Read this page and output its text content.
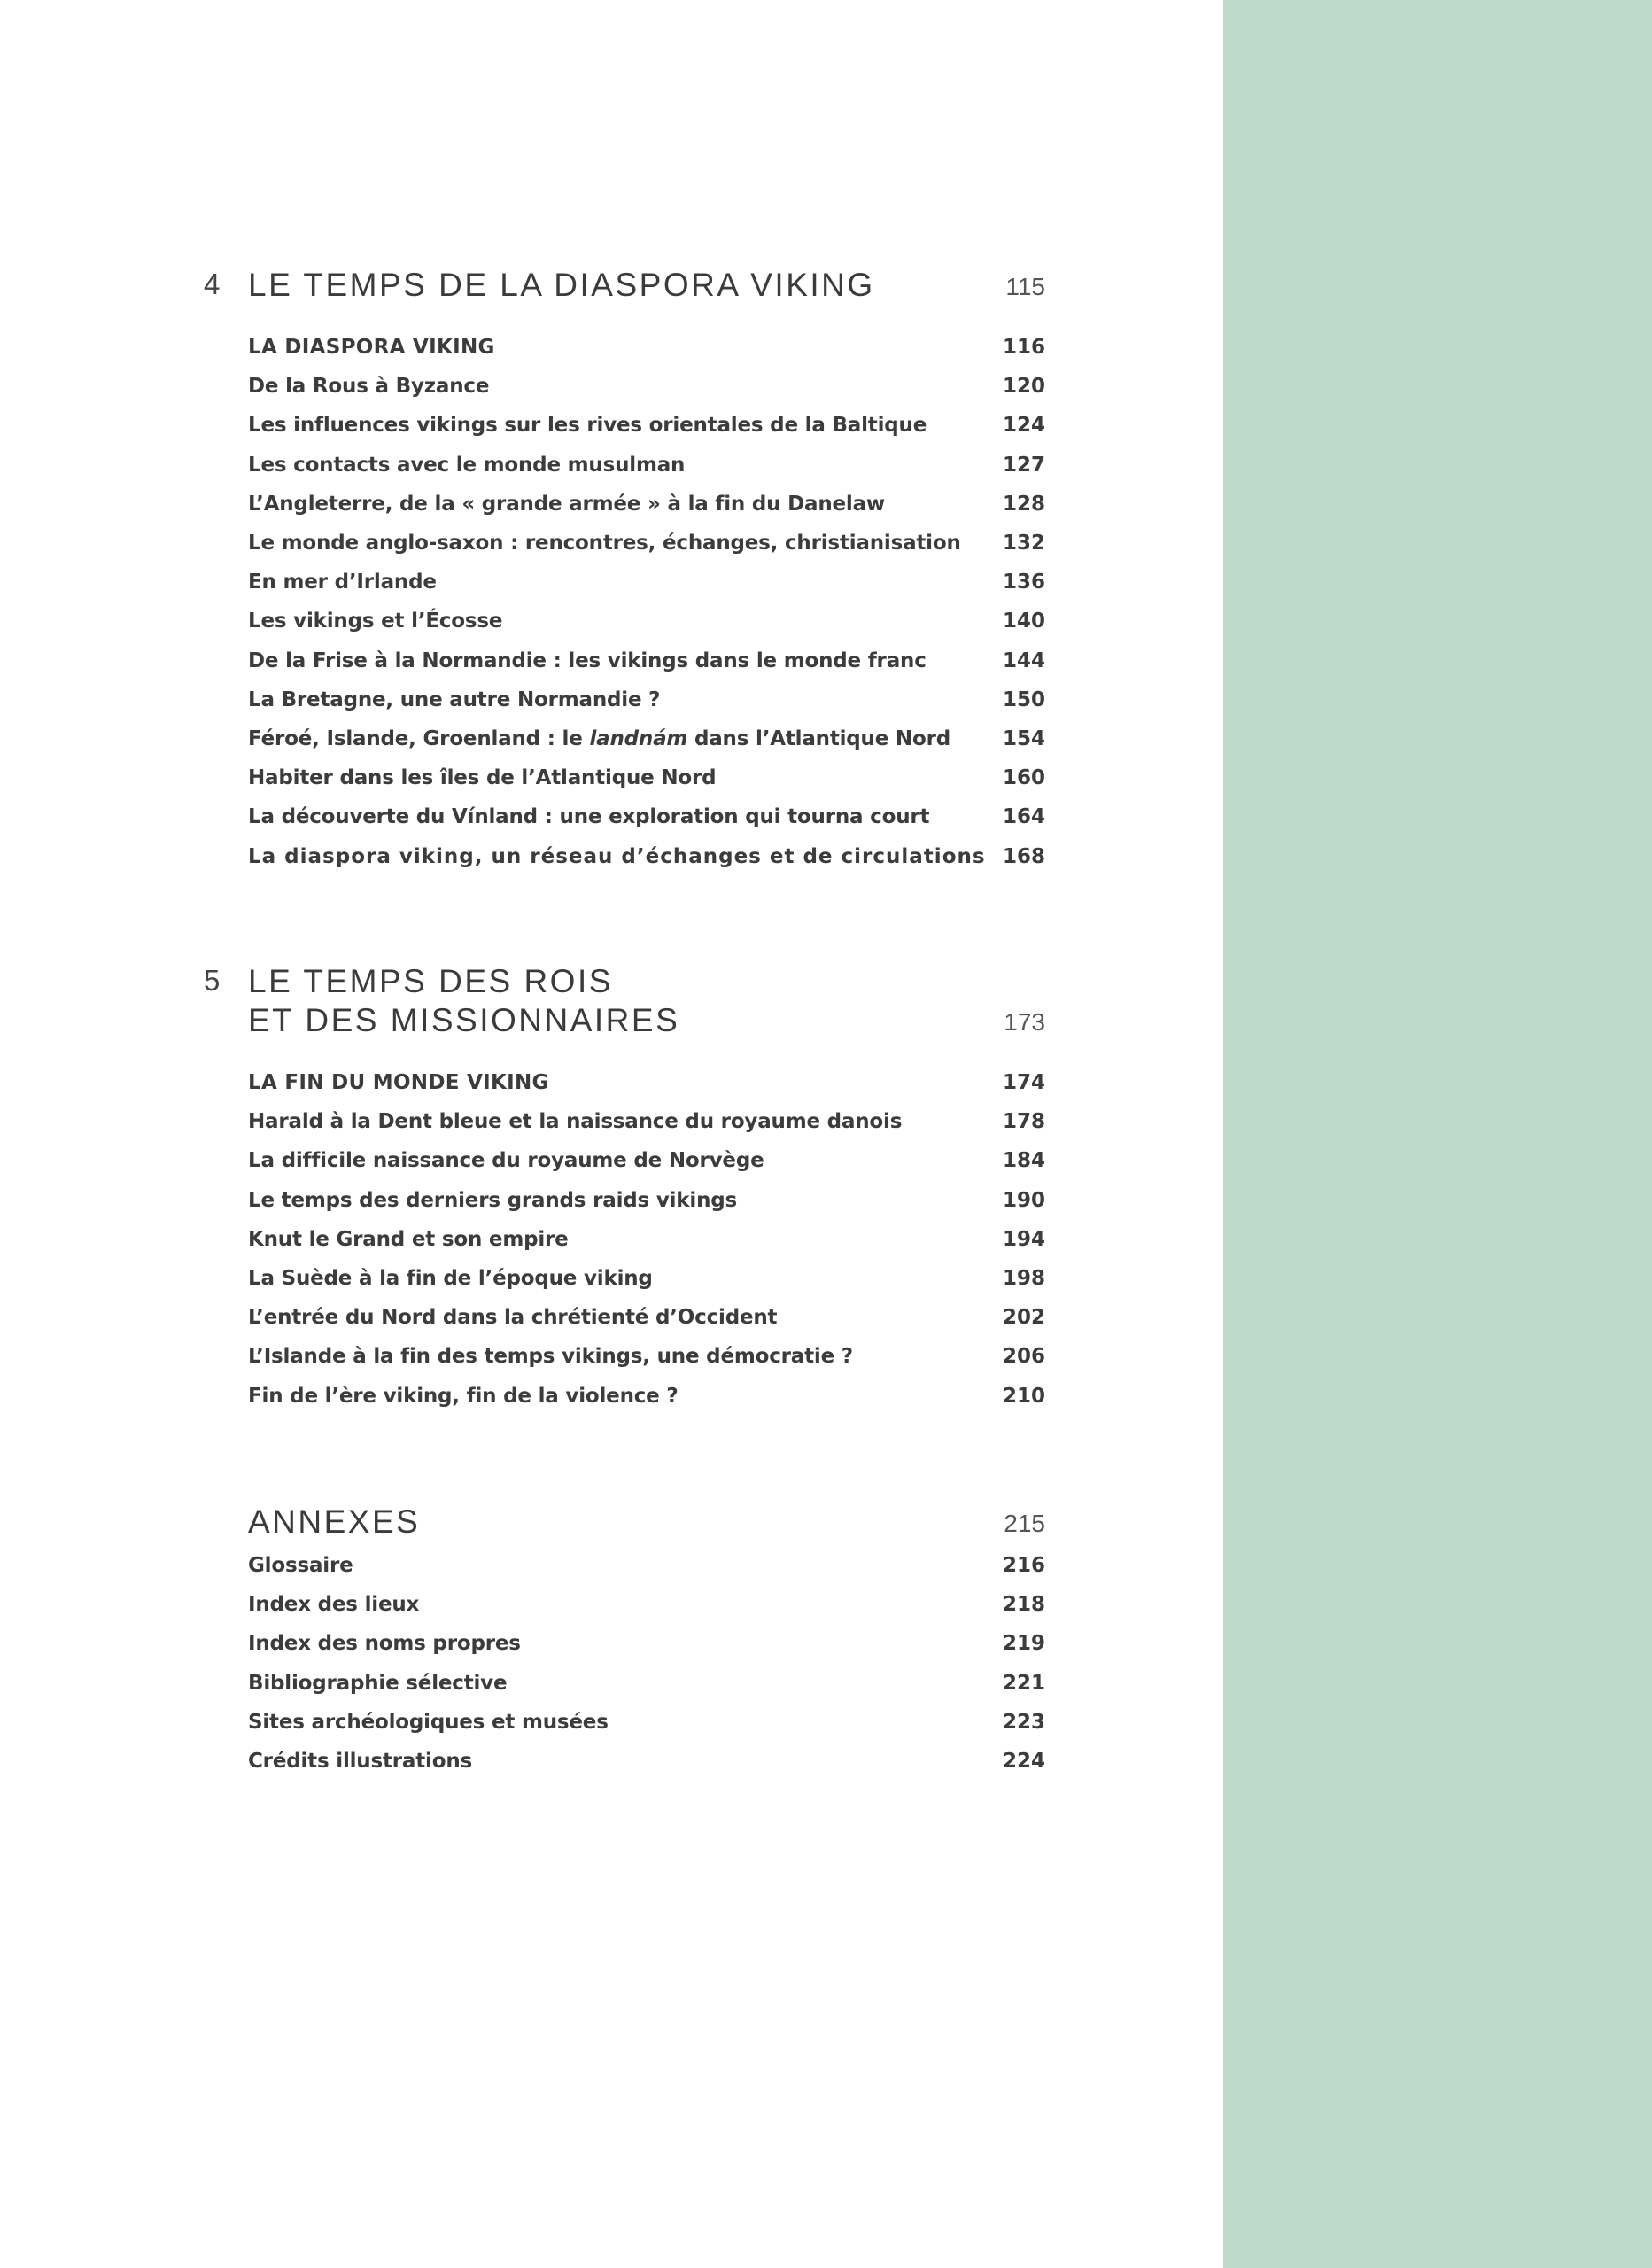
4 LE TEMPS DE LA DIASPORA VIKING	115
LA DIASPORA VIKING	116
De la Rous à Byzance	120
Les influences vikings sur les rives orientales de la Baltique	124
Les contacts avec le monde musulman	127
L’Angleterre, de la « grande armée » à la fin du Danelaw	128
Le monde anglo-saxon : rencontres, échanges, christianisation	132
En mer d’Irlande	136
Les vikings et l’Écosse	140
De la Frise à la Normandie : les vikings dans le monde franc	144
La Bretagne, une autre Normandie ?	150
Féroé, Islande, Groenland : le landnám dans l’Atlantique Nord	154
Habiter dans les îles de l’Atlantique Nord	160
La découverte du Vínland : une exploration qui tourna court	164
La diaspora viking, un réseau d’échanges et de circulations 168
5 LE TEMPS DES ROIS
ET DES MISSIONNAIRES	173
LA FIN DU MONDE VIKING	174
Harald à la Dent bleue et la naissance du royaume danois	178
La difficile naissance du royaume de Norvège	184
Le temps des derniers grands raids vikings	190
Knut le Grand et son empire	194
La Suède à la fin de l’époque viking	198
L’entrée du Nord dans la chrétienté d’Occident	202
L’Islande à la fin des temps vikings, une démocratie ?	206
Fin de l’ère viking, fin de la violence ?	210
ANNEXES	215
Glossaire	216
Index des lieux	218
Index des noms propres	219
Bibliographie sélective	221
Sites archéologiques et musées	223
Crédits illustrations	224
